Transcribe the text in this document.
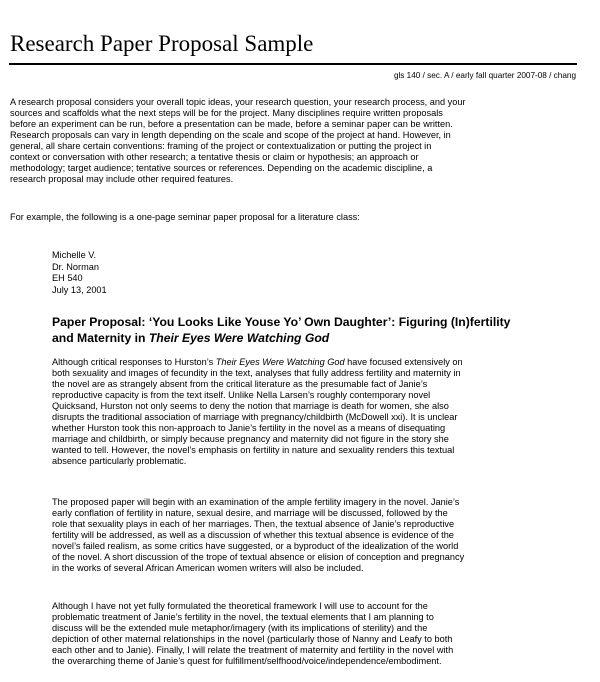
Research Paper Proposal Sample
gls 140 / sec. A / early fall quarter 2007-08 / chang

A research proposal considers your overall topic ideas, your research question, your research process, and your
sources and scaffolds what the next steps will be for the project. Many disciplines require written proposals
before an experiment can be run, before a presentation can be made, before a seminar paper can be written.
Research proposals can vary in length depending on the scale and scope of the project at hand. However, in
general, all share certain conventions: framing of the project or contextualization or putting the project in
context or conversation with other research; a tentative thesis or claim or hypothesis; an approach or
methodology; target audience; tentative sources or references. Depending on the academic discipline, a
research proposal may include other required features.

For example, the following is a one-page seminar paper proposal for a literature class:

Michelle V.
Dr. Norman
EH 540
July 13, 2001
Paper Proposal: ‘You Looks Like Youse Yo’ Own Daughter’: Figuring (In)fertility
and Maternity in Their Eyes Were Watching God

Although critical responses to Hurston’s Their Eyes Were Watching God have focused extensively on
both sexuality and images of fecundity in the text, analyses that fully address fertility and maternity in
the novel are as strangely absent from the critical literature as the presumable fact of Janie’s
reproductive capacity is from the text itself. Unlike Nella Larsen’s roughly contemporary novel
Quicksand, Hurston not only seems to deny the notion that marriage is death for women, she also
disrupts the traditional association of marriage with pregnancy/childbirth (McDowell xxi). It is unclear
whether Hurston took this non-approach to Janie’s fertility in the novel as a means of disequating
marriage and childbirth, or simply because pregnancy and maternity did not figure in the story she
wanted to tell. However, the novel’s emphasis on fertility in nature and sexuality renders this textual
absence particularly problematic.

The proposed paper will begin with an examination of the ample fertility imagery in the novel. Janie’s
early conflation of fertility in nature, sexual desire, and marriage will be discussed, followed by the
role that sexuality plays in each of her marriages. Then, the textual absence of Janie’s reproductive
fertility will be addressed, as well as a discussion of whether this textual absence is evidence of the
novel’s failed realism, as some critics have suggested, or a byproduct of the idealization of the world
of the novel. A short discussion of the trope of textual absence or elision of conception and pregnancy
in the works of several African American women writers will also be included.

Although I have not yet fully formulated the theoretical framework I will use to account for the
problematic treatment of Janie’s fertility in the novel, the textual elements that I am planning to
discuss will be the extended mule metaphor/imagery (with its implications of sterility) and the
depiction of other maternal relationships in the novel (particularly those of Nanny and Leafy to both
each other and to Janie). Finally, I will relate the treatment of maternity and fertility in the novel with
the overarching theme of Janie’s quest for fulfillment/selfhood/voice/independence/embodiment.
